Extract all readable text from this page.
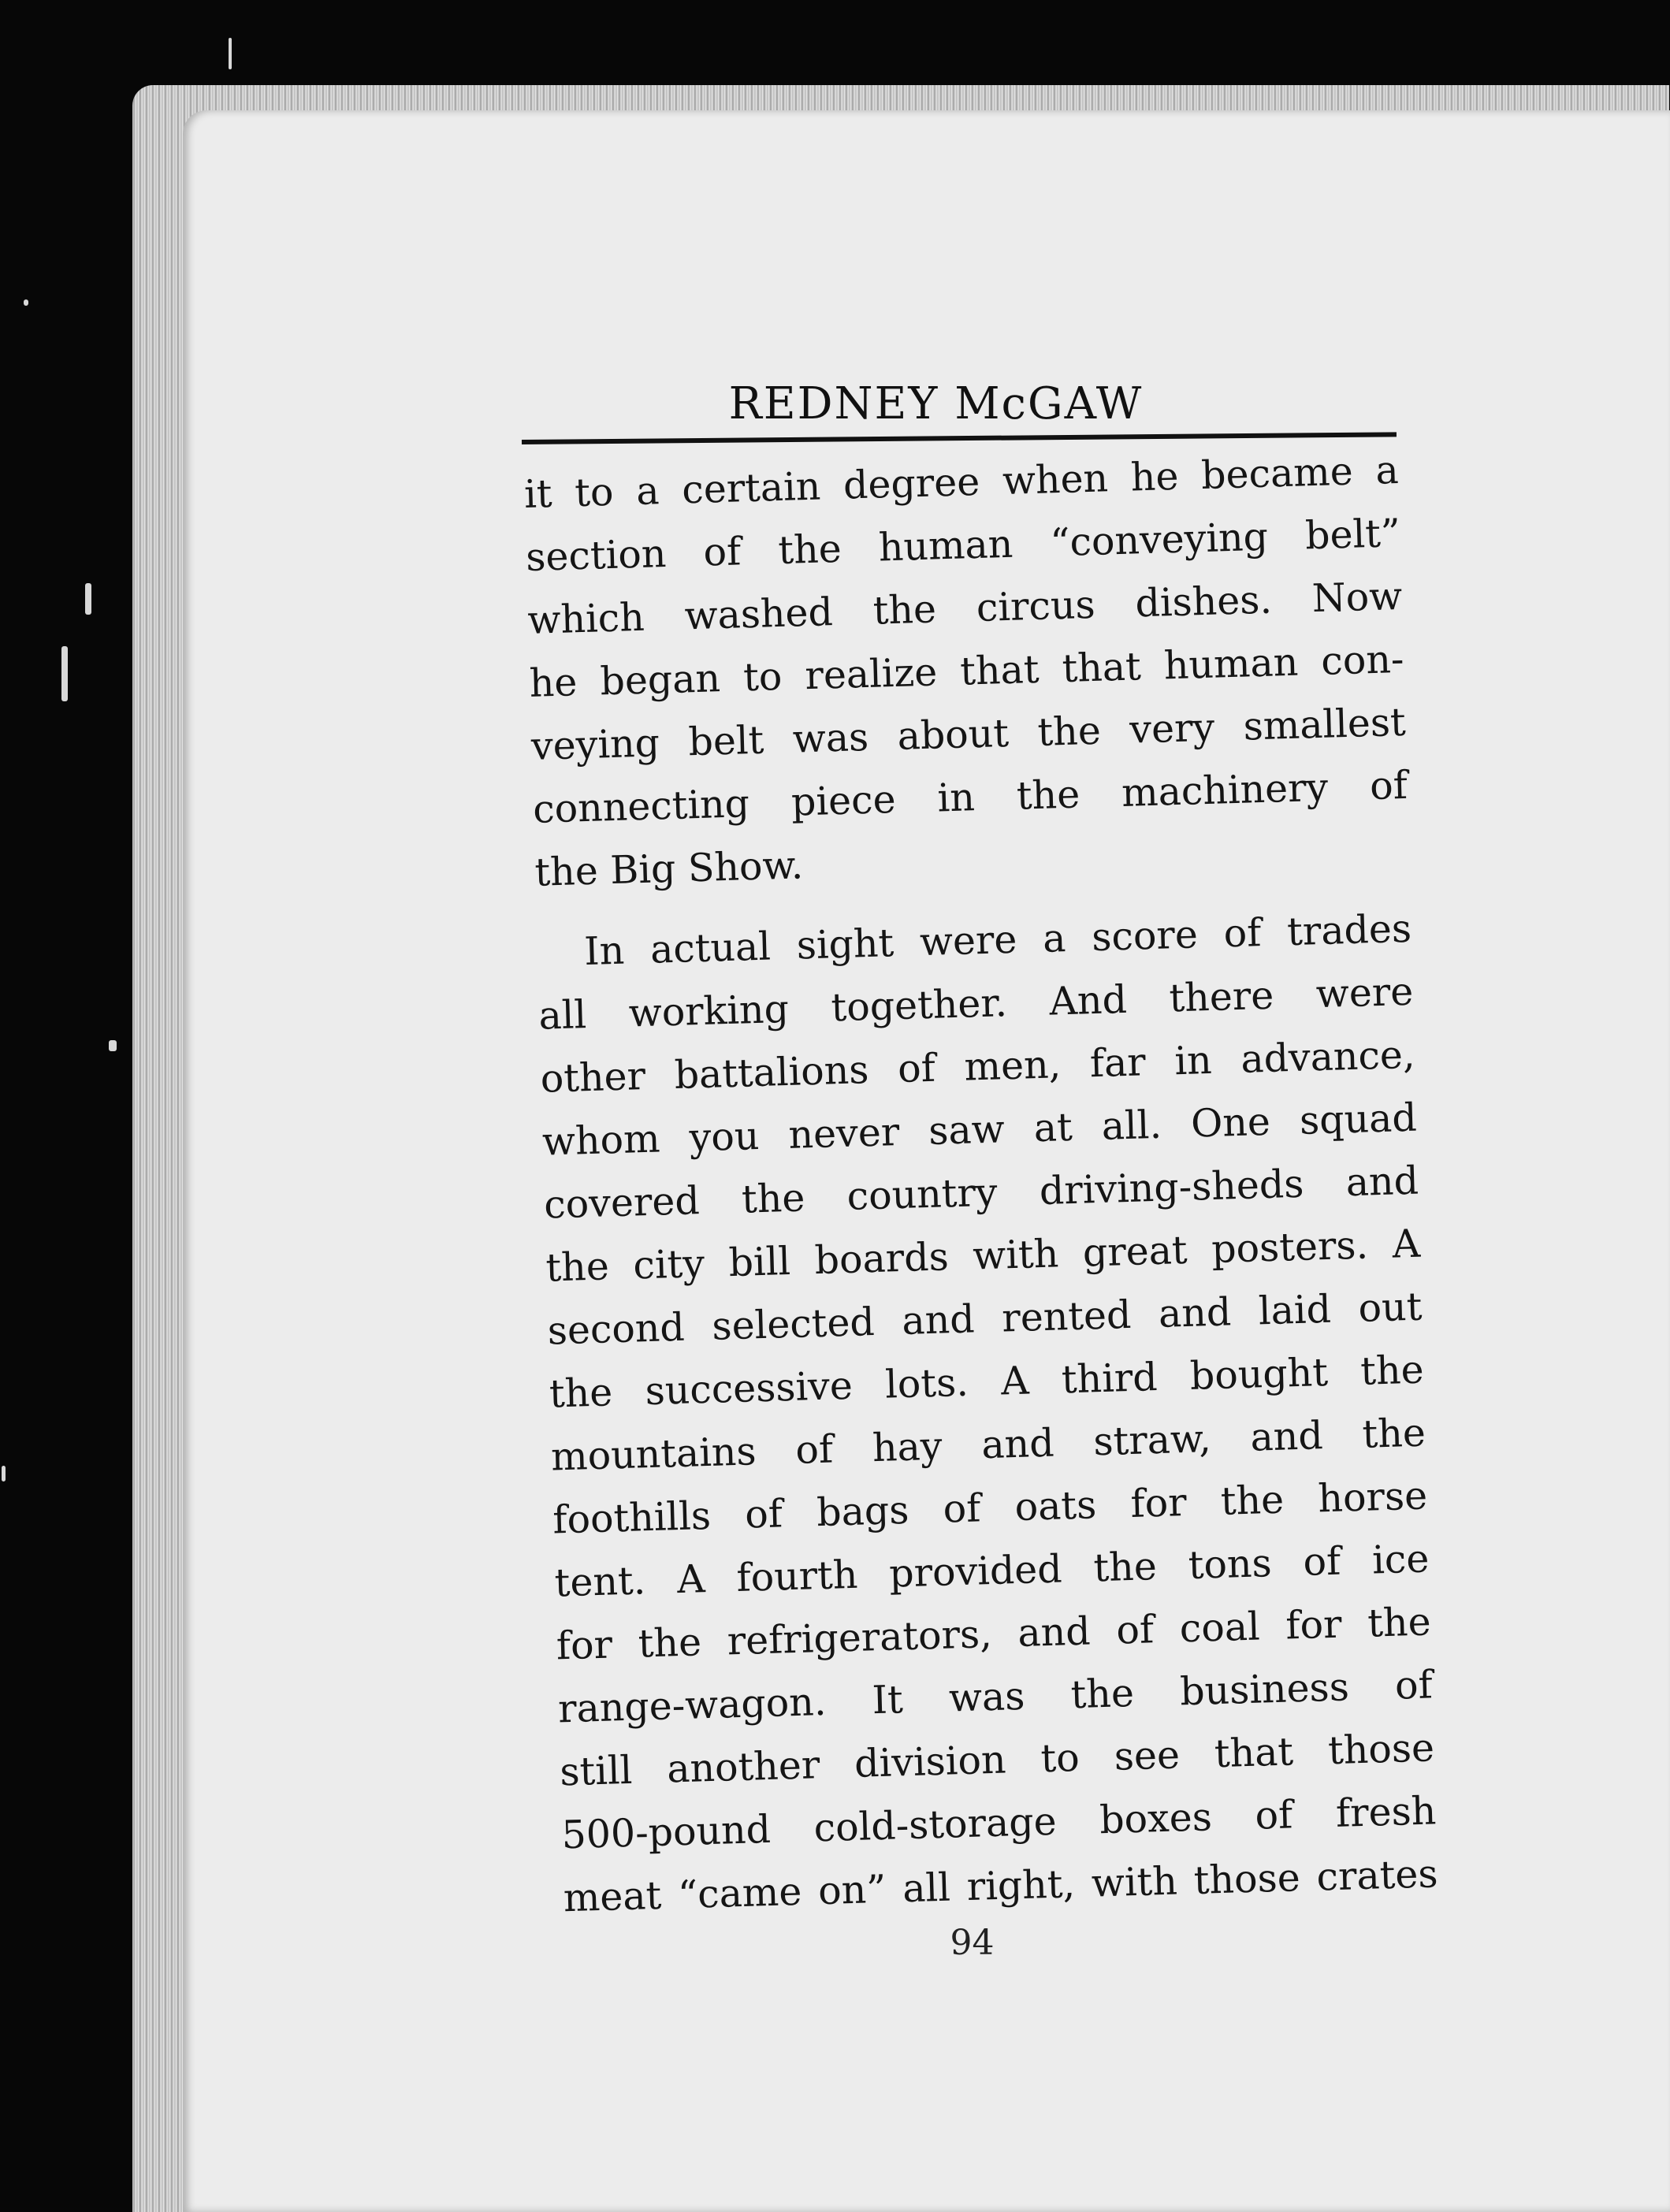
REDNEY McGAW
94
it to a certain degree when he became a
section of the human “conveying belt”
which washed the circus dishes. Now
he began to realize that that human con-
veying belt was about the very smallest
connecting piece in the machinery of
the Big Show.
In actual sight were a score of trades
all working together. And there were
other battalions of men, far in advance,
whom you never saw at all. One squad
covered the country driving-sheds and
the city bill boards with great posters. A
second selected and rented and laid out
the successive lots. A third bought the
mountains of hay and straw, and the
foothills of bags of oats for the horse
tent. A fourth provided the tons of ice
for the refrigerators, and of coal for the
range-wagon. It was the business of
still another division to see that those
500-pound cold-storage boxes of fresh
meat “came on” all right, with those crates
